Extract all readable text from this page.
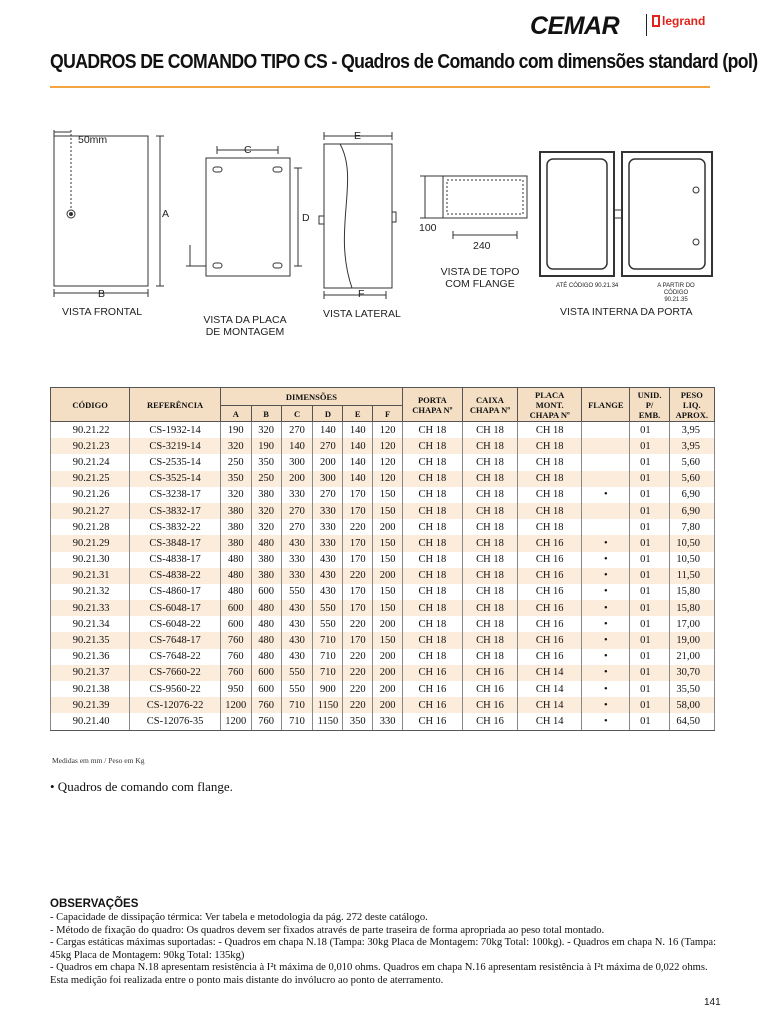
CEMAR	legrand
QUADROS DE COMANDO TIPO CS - Quadros de Comando com dimensões standard (pol)
50mm
A
B
VISTA FRONTAL
C
D
VISTA DA PLACA
DE MONTAGEM
E
F
VISTA LATERAL
100
240
VISTA DE TOPO
COM FLANGE	ATÉ CÓDIGO 90.21.34	A PARTIR DO CÓDIGO
90.21.35
VISTA INTERNA DA PORTA
CÓDIGO	REFERÊNCIA	DIMENSÕES						PORTA
CHAPA Nº	CAIXA
CHAPA Nº	PLACA
MONT.
CHAPA Nº	FLANGE	UNID.
P/
EMB.	PESO
LIQ.
APROX.
		A	B	C	D	E	F						
90.21.22	CS-1932-14	190	320	270	140	140	120	CH 18	CH 18	CH 18		01	3,95
90.21.23	CS-3219-14	320	190	140	270	140	120	CH 18	CH 18	CH 18		01	3,95
90.21.24	CS-2535-14	250	350	300	200	140	120	CH 18	CH 18	CH 18		01	5,60
90.21.25	CS-3525-14	350	250	200	300	140	120	CH 18	CH 18	CH 18		01	5,60
90.21.26	CS-3238-17	320	380	330	270	170	150	CH 18	CH 18	CH 18	•	01	6,90
90.21.27	CS-3832-17	380	320	270	330	170	150	CH 18	CH 18	CH 18		01	6,90
90.21.28	CS-3832-22	380	320	270	330	220	200	CH 18	CH 18	CH 18		01	7,80
90.21.29	CS-3848-17	380	480	430	330	170	150	CH 18	CH 18	CH 16	•	01	10,50
90.21.30	CS-4838-17	480	380	330	430	170	150	CH 18	CH 18	CH 16	•	01	10,50
90.21.31	CS-4838-22	480	380	330	430	220	200	CH 18	CH 18	CH 16	•	01	11,50
90.21.32	CS-4860-17	480	600	550	430	170	150	CH 18	CH 18	CH 16	•	01	15,80
90.21.33	CS-6048-17	600	480	430	550	170	150	CH 18	CH 18	CH 16	•	01	15,80
90.21.34	CS-6048-22	600	480	430	550	220	200	CH 18	CH 18	CH 16	•	01	17,00
90.21.35	CS-7648-17	760	480	430	710	170	150	CH 18	CH 18	CH 16	•	01	19,00
90.21.36	CS-7648-22	760	480	430	710	220	200	CH 18	CH 18	CH 16	•	01	21,00
90.21.37	CS-7660-22	760	600	550	710	220	200	CH 16	CH 16	CH 14	•	01	30,70
90.21.38	CS-9560-22	950	600	550	900	220	200	CH 16	CH 16	CH 14	•	01	35,50
90.21.39	CS-12076-22	1200	760	710	1150	220	200	CH 16	CH 16	CH 14	•	01	58,00
90.21.40	CS-12076-35	1200	760	710	1150	350	330	CH 16	CH 16	CH 14	•	01	64,50
Medidas em mm / Peso em Kg
• Quadros de comando com flange.
OBSERVAÇÕES
- Capacidade de dissipação térmica: Ver tabela e metodologia da pág. 272 deste catálogo.
- Método de fixação do quadro: Os quadros devem ser fixados através de parte traseira de forma apropriada ao peso total montado.
- Cargas estáticas máximas suportadas: - Quadros em chapa N.18 (Tampa: 30kg Placa de Montagem: 70kg Total: 100kg). - Quadros em chapa N. 16 (Tampa: 45kg Placa de Montagem: 90kg Total: 135kg)
- Quadros em chapa N.18 apresentam resistência à I²t máxima de 0,010 ohms. Quadros em chapa N.16 apresentam resistência à I²t máxima de 0,022 ohms. Esta medição foi realizada entre o ponto mais distante do invólucro ao ponto de aterramento.
141
